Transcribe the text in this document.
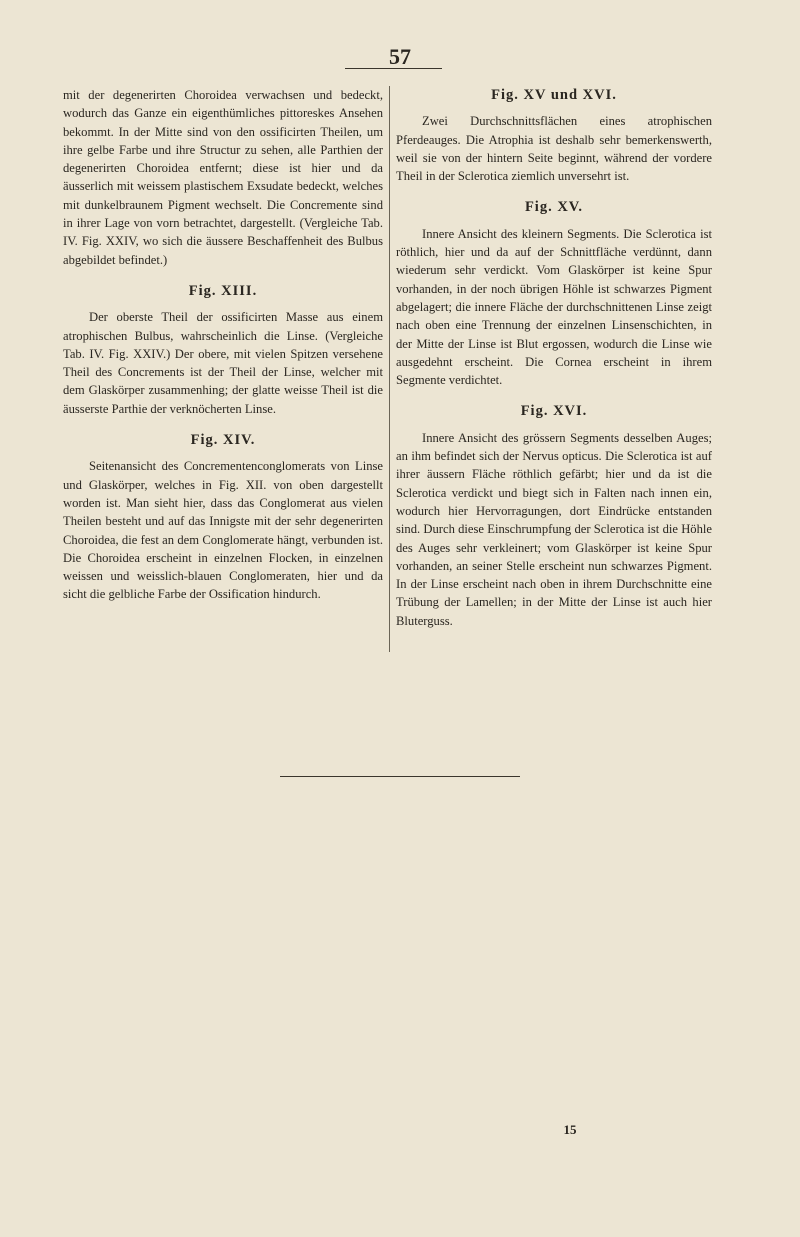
57

mit der degenerirten Choroidea verwachsen und bedeckt, wodurch das Ganze ein eigenthümliches pittoreskes Ansehen bekommt. In der Mitte sind von den ossificirten Theilen, um ihre gelbe Farbe und ihre Structur zu sehen, alle Parthien der degenerirten Choroidea entfernt; diese ist hier und da äusserlich mit weissem plastischem Exsudate bedeckt, welches mit dunkelbraunem Pigment wechselt. Die Concremente sind in ihrer Lage von vorn betrachtet, dargestellt. (Vergleiche Tab. IV. Fig. XXIV, wo sich die äussere Beschaffenheit des Bulbus abgebildet befindet.)

Fig. XIII.

Der oberste Theil der ossificirten Masse aus einem atrophischen Bulbus, wahrscheinlich die Linse. (Vergleiche Tab. IV. Fig. XXIV.) Der obere, mit vielen Spitzen versehene Theil des Concrements ist der Theil der Linse, welcher mit dem Glaskörper zusammenhing; der glatte weisse Theil ist die äusserste Parthie der verknöcherten Linse.

Fig. XIV.

Seitenansicht des Concrementenconglomerats von Linse und Glaskörper, welches in Fig. XII. von oben dargestellt worden ist. Man sieht hier, dass das Conglomerat aus vielen Theilen besteht und auf das Innigste mit der sehr degenerirten Choroidea, die fest an dem Conglomerate hängt, verbunden ist. Die Choroidea erscheint in einzelnen Flocken, in einzelnen weissen und weisslich-blauen Conglomeraten, hier und da sicht die gelbliche Farbe der Ossification hindurch.

Fig. XV und XVI.

Zwei Durchschnittsflächen eines atrophischen Pferdeauges. Die Atrophia ist deshalb sehr bemerkenswerth, weil sie von der hintern Seite beginnt, während der vordere Theil in der Sclerotica ziemlich unversehrt ist.

Fig. XV.

Innere Ansicht des kleinern Segments. Die Sclerotica ist röthlich, hier und da auf der Schnittfläche verdünnt, dann wiederum sehr verdickt. Vom Glaskörper ist keine Spur vorhanden, in der noch übrigen Höhle ist schwarzes Pigment abgelagert; die innere Fläche der durchschnittenen Linse zeigt nach oben eine Trennung der einzelnen Linsenschichten, in der Mitte der Linse ist Blut ergossen, wodurch die Linse wie ausgedehnt erscheint. Die Cornea erscheint in ihrem Segmente verdichtet.

Fig. XVI.

Innere Ansicht des grössern Segments desselben Auges; an ihm befindet sich der Nervus opticus. Die Sclerotica ist auf ihrer äussern Fläche röthlich gefärbt; hier und da ist die Sclerotica verdickt und biegt sich in Falten nach innen ein, wodurch hier Hervorragungen, dort Eindrücke entstanden sind. Durch diese Einschrumpfung der Sclerotica ist die Höhle des Auges sehr verkleinert; vom Glaskörper ist keine Spur vorhanden, an seiner Stelle erscheint nun schwarzes Pigment. In der Linse erscheint nach oben in ihrem Durchschnitte eine Trübung der Lamellen; in der Mitte der Linse ist auch hier Bluterguss.

15
